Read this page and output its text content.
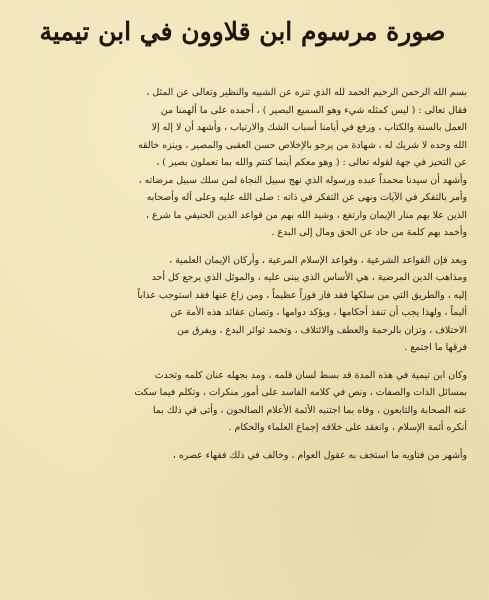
صورة مرسوم ابن قلاوون في ابن تيمية
بسم الله الرحمن الرحيم الحمد لله الذي تنزه عن الشبيه والنظير وتعالى عن المثل ،
فقال تعالى : ( ليس كمثله شيء وهو السميع البصير ) ، أحمده على ما ألهمنا من
العمل بالسنة والكتاب ، ورفع في أيامنا أسباب الشك والارتياب ، وأشهد أن لا إله إلا
الله وحده لا شريك له ، شهادة من يرجو بالإخلاص حسن العقبى والمصير ، وينزه خالقه
عن التحيز في جهة لقوله تعالى : ( وهو معكم أينما كنتم والله بما تعملون بصير ) ،
وأشهد أن سيدنا محمداً عبده ورسوله الذي نهج سبيل النجاة لمن سلك سبيل مرضاته ،
وأمر بالتفكر في الآيات ونهى عن التفكر في ذاته : صلى الله عليه وعلى آله وأصحابه
الذين علا بهم منار الإيمان وارتفع ، وشيد الله بهم من قواعد الدين الحنيفي ما شرع ،
وأخمد بهم كلمة من حاد عن الحق ومال إلى البدع .
وبعد فإن القواعد الشرعية ، وقواعد الإسلام المرعية ، وأركان الإيمان العلمية ،
ومذاهب الدين المرضية ، هي الأساس الذي يبنى عليه ، والموئل الذي يرجع كل أحد
إليه ، والطريق التي من سلكها فقد فاز فوزاً عظيماً ، ومن زاغ عنها فقد استوجب عذاباً
أليماً ، ولهذا يجب أن تنفذ أحكامها ، ويؤكد دوامها ، وتصان عقائد هذه الأمة عن
الاختلاف ، وتزان بالرحمة والعطف والائتلاف ، وتخمد ثوائر البدع ، ويفرق من
فرقها ما اجتمع .
وكان ابن تيمية في هذه المدة قد بسط لسان قلمه ، ومد بجهله عنان كلمه وتحدث
بمسائل الذات والصفات ، ونص في كلامه الفاسد على أمور منكرات ، وتكلم فيما سكت
عنه الصحابة والتابعون ، وفاه بما اجتنبه الأئمة الأعلام الصالحون ، وأتى في ذلك بما
أنكره أئمة الإسلام ، وانعقد على خلافه إجماع العلماء والحكام .
وأشهر من فتاويه ما استخف به عقول العوام ، وخالف في ذلك فقهاء عصره ،
